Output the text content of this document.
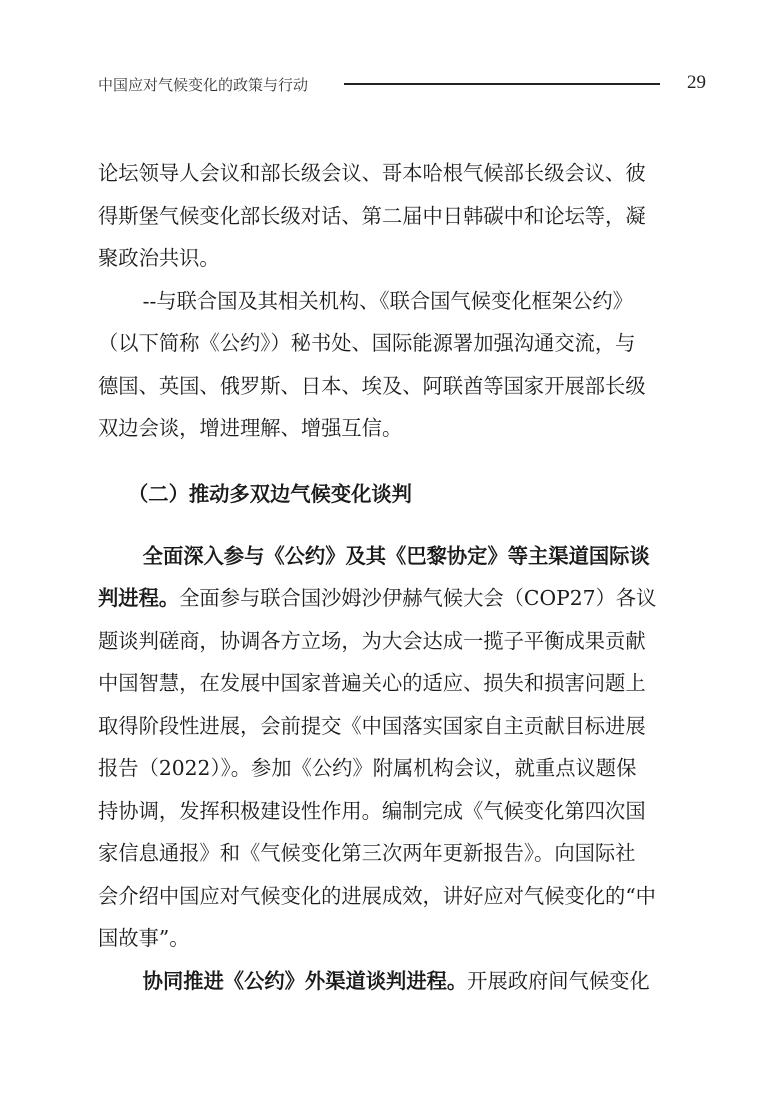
中国应对气候变化的政策与行动	29

论坛领导人会议和部长级会议、哥本哈根气候部长级会议、彼

得斯堡气候变化部长级对话、第二届中日韩碳中和论坛等，凝

聚政治共识。

--与联合国及其相关机构、《联合国气候变化框架公约》

（以下简称《公约》）秘书处、国际能源署加强沟通交流，与

德国、英国、俄罗斯、日本、埃及、阿联酋等国家开展部长级

双边会谈，增进理解、增强互信。

（二）推动多双边气候变化谈判

全面深入参与《公约》及其《巴黎协定》等主渠道国际谈

判进程。全面参与联合国沙姆沙伊赫气候大会（COP27）各议

题谈判磋商，协调各方立场，为大会达成一揽子平衡成果贡献

中国智慧，在发展中国家普遍关心的适应、损失和损害问题上

取得阶段性进展，会前提交《中国落实国家自主贡献目标进展

报告（2022）》。参加《公约》附属机构会议，就重点议题保

持协调，发挥积极建设性作用。编制完成《气候变化第四次国

家信息通报》和《气候变化第三次两年更新报告》。向国际社

会介绍中国应对气候变化的进展成效，讲好应对气候变化的“中

国故事”。

协同推进《公约》外渠道谈判进程。开展政府间气候变化
